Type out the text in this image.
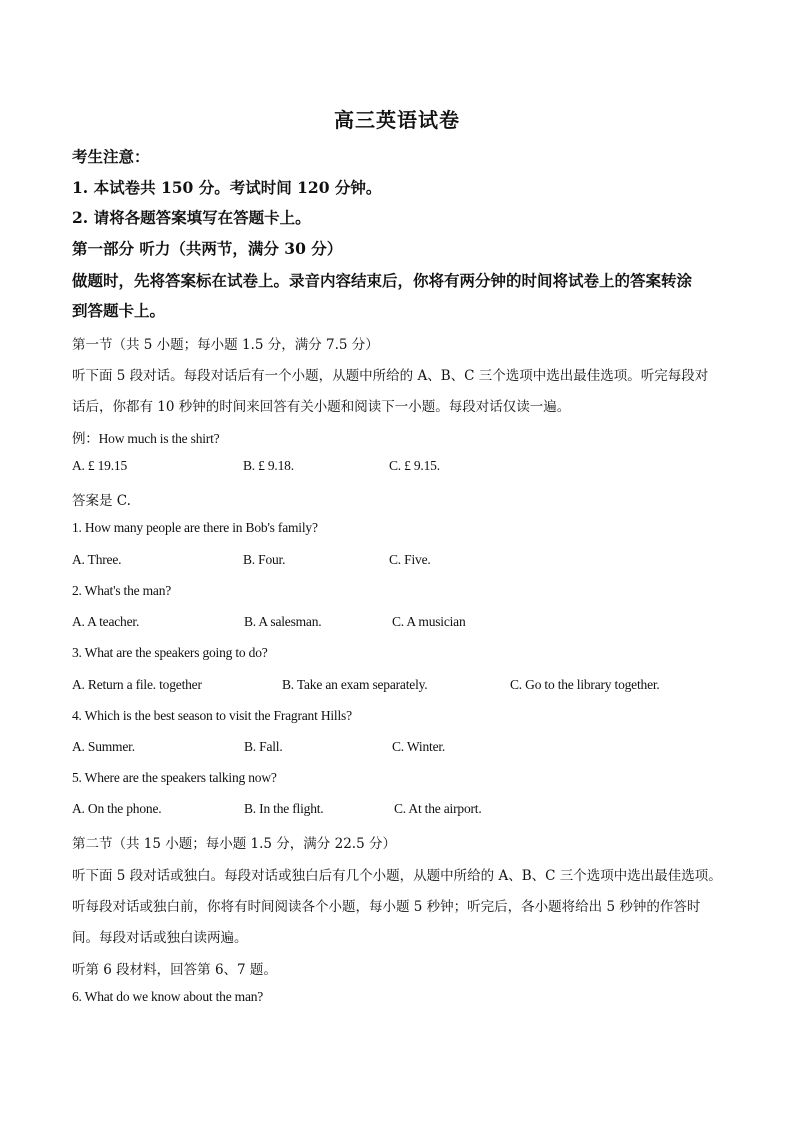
高三英语试卷
考生注意：
1. 本试卷共 150 分。考试时间 120 分钟。
2. 请将各题答案填写在答题卡上。
第一部分 听力（共两节，满分 30 分）
做题时，先将答案标在试卷上。录音内容结束后，你将有两分钟的时间将试卷上的答案转涂
到答题卡上。
第一节（共 5 小题；每小题 1.5 分，满分 7.5 分）
听下面 5 段对话。每段对话后有一个小题，从题中所给的 A、B、C 三个选项中选出最佳选项。听完每段对
话后，你都有 10 秒钟的时间来回答有关小题和阅读下一小题。每段对话仅读一遍。
例：How much is the shirt?
A. £ 19.15	B. £ 9.18.	C. £ 9.15.
答案是 C.
1. How many people are there in Bob's family?
A. Three.	B. Four.	C. Five.
2. What's the man?
A. A teacher.	B. A salesman.	C. A musician
3. What are the speakers going to do?
A. Return a file. together	B. Take an exam separately.	C. Go to the library together.
4. Which is the best season to visit the Fragrant Hills?
A. Summer.	B. Fall.	C. Winter.
5. Where are the speakers talking now?
A. On the phone.	B. In the flight.	C. At the airport.
第二节（共 15 小题；每小题 1.5 分，满分 22.5 分）
听下面 5 段对话或独白。每段对话或独白后有几个小题，从题中所给的 A、B、C 三个选项中选出最佳选项。
听每段对话或独白前，你将有时间阅读各个小题，每小题 5 秒钟；听完后，各小题将给出 5 秒钟的作答时
间。每段对话或独白读两遍。
听第 6 段材料，回答第 6、7 题。
6. What do we know about the man?
